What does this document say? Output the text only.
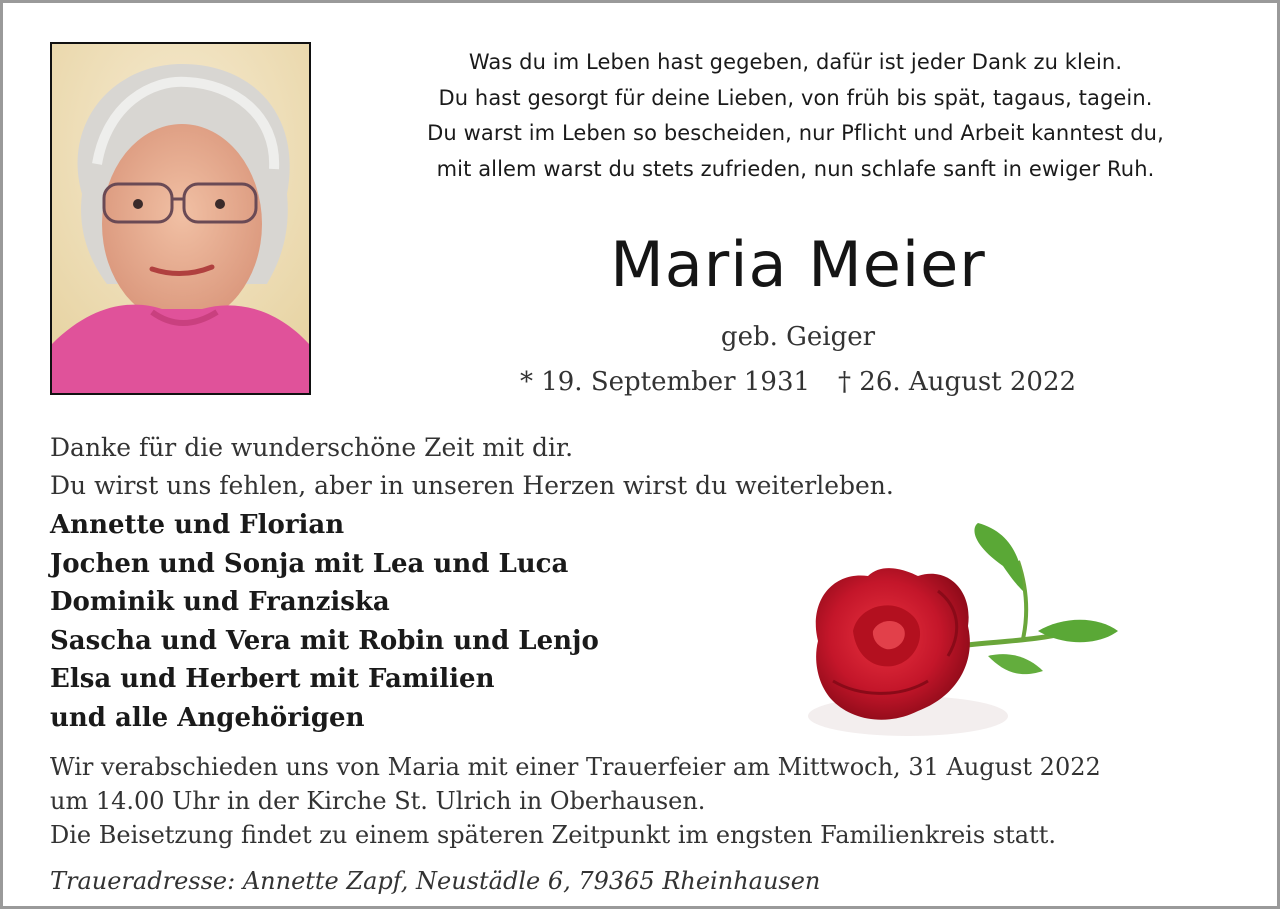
Was du im Leben hast gegeben, dafür ist jeder Dank zu klein.
Du hast gesorgt für deine Lieben, von früh bis spät, tagaus, tagein.
Du warst im Leben so bescheiden, nur Pflicht und Arbeit kanntest du,
mit allem warst du stets zufrieden, nun schlafe sanft in ewiger Ruh.
Maria Meier
geb. Geiger
* 19. September 1931 † 26. August 2022
Danke für die wunderschöne Zeit mit dir.
Du wirst uns fehlen, aber in unseren Herzen wirst du weiterleben.
Annette und Florian
Jochen und Sonja mit Lea und Luca
Dominik und Franziska
Sascha und Vera mit Robin und Lenjo
Elsa und Herbert mit Familien
und alle Angehörigen
Wir verabschieden uns von Maria mit einer Trauerfeier am Mittwoch, 31 August 2022
um 14.00 Uhr in der Kirche St. Ulrich in Oberhausen.
Die Beisetzung findet zu einem späteren Zeitpunkt im engsten Familienkreis statt.
Traueradresse: Annette Zapf, Neustädle 6, 79365 Rheinhausen
